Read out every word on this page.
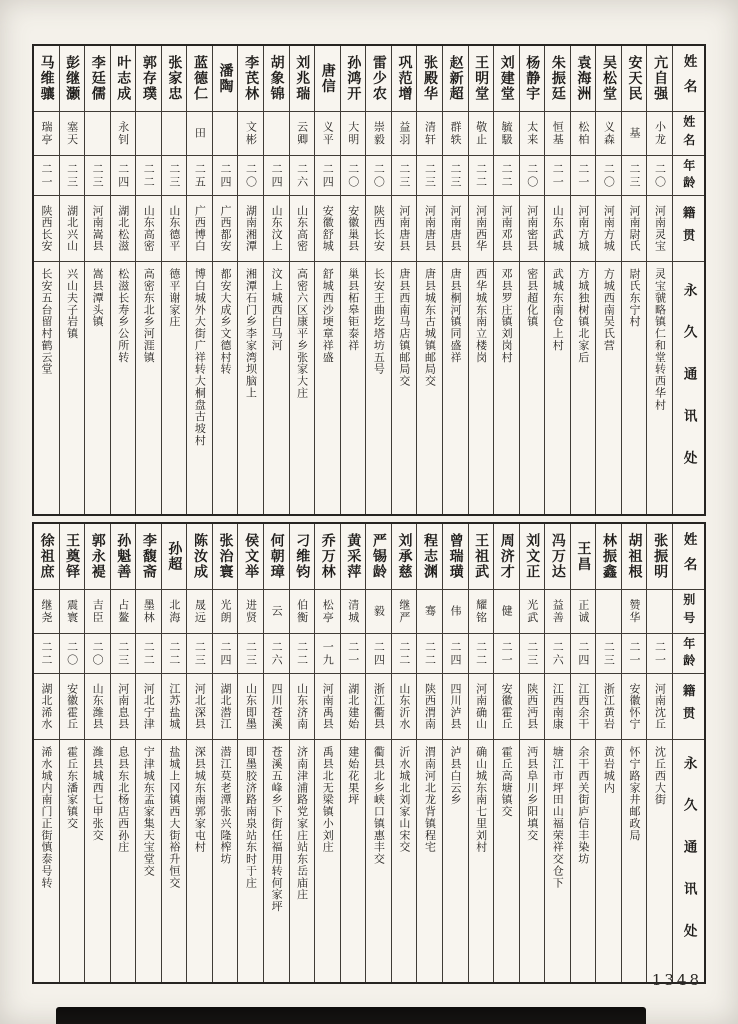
姓名
姓名
年龄
籍贯
永久通讯处
亢自强
小龙
二〇
河南灵宝
灵宝虢略镇仁和堂转西华村
安天民
基
二三
河南尉氏
尉氏东宁村
吴松堂
义森
二〇
河南方城
方城西南吴氏营
袁海洲
松柏
二一
河南方城
方城独树镇北家后
朱振廷
恒基
二一
山东武城
武城东南仓上村
杨静宇
太来
二〇
河南密县
密县超化镇
刘建堂
毓馺
二二
河南邓县
邓县罗庄镇刘岗村
王明堂
敬止
二二
河南西华
西华城东南立楼岗
赵新超
群轶
二三
河南唐县
唐县桐河镇同盛祥
张殿华
清轩
二三
河南唐县
唐县城东古城镇邮局交
巩范增
益羽
二三
河南唐县
唐县西南马店镇邮局交
雷少农
崇毅
二〇
陕西长安
长安王曲圪塔坊五号
孙鸿开
大明
二〇
安徽巢县
巢县柘皋钜泰祥
唐信
义平
二四
安徽舒城
舒城西沙埂章祥盛
刘兆瑞
云卿
二六
山东高密
高密六区康平乡张家大庄
胡象锦
二四
山东汶上
汶上城西白马河
李芪林
文彬
二〇
湖南湘潭
湘潭石门乡李家湾坝脑上
潘陶
二四
广西都安
都安大成乡文德村转
蓝德仁
田
二五
广西博白
博白城外大街广祥转大桐盘古坡村
张家忠
二三
山东德平
德平谢家庄
郭存璞
二二
山东高密
高密东北乡河涯镇
叶志成
永钊
二四
湖北松滋
松滋长寿乡公所转
李廷儒
二三
河南嵩县
嵩县潭头镇
彭继灏
塞天
二三
湖北兴山
兴山夫子岩镇
马维骧
瑞亭
二一
陕西长安
长安五台留村鹤云堂
姓名
别号
年龄
籍贯
永久通讯处
张振明
二一
河南沈丘
沈丘西大街
胡祖根
赞华
二一
安徽怀宁
怀宁路家井邮政局
林振鑫
二三
浙江黄岩
黄岩城内
王昌
正诚
二四
江西余干
余干西关街庐信丰染坊
冯万达
益善
二六
江西南康
塘江市坪田山福荣祥交仓下
刘文正
光武
二三
陕西沔县
沔县阜川乡阳填交
周济才
健
二一
安徽霍丘
霍丘高塘镇交
王祖武
耀铭
二二
河南确山
确山城东南七里刘村
曾瑞璜
伟
二四
四川泸县
泸县白云乡
程志渊
骞
二二
陕西渭南
渭南河北龙背镇程宅
刘承慈
继严
二二
山东沂水
沂水城北刘家山宋交
严锡龄
毅
二四
浙江衢县
衢县北乡峡口镇惠丰交
黄采萍
清城
二一
湖北建始
建始花果坪
乔万林
松亭
一九
河南禹县
禹县北无梁镇小刘庄
刁维钧
伯衡
二二
山东济南
济南津浦路党家庄站东岳庙庄
何朝璋
云
二六
四川苍溪
苍溪五峰乡下街任福用转何家坪
侯文举
进贤
二三
山东即墨
即墨胶济路南泉站东时于庄
张治寰
光朗
二四
湖北潜江
潜江莫老潭张兴隆榨坊
陈汝成
晟远
二三
河北深县
深县城东南郭家屯村
孙超
北海
二二
江苏盐城
盐城上冈镇西大街裕升恒交
李馥斋
墨林
二二
河北宁津
宁津城东孟家集天宝堂交
孙魁善
占鳌
二三
河南息县
息县东北杨店西孙庄
郭永褆
吉臣
二〇
山东潍县
潍县城西七甲张交
王奠铎
震寰
二〇
安徽霍丘
霍丘东潘家镇交
徐祖庶
继尧
二二
湖北浠水
浠水城内南门正街慎泰号转
1348
